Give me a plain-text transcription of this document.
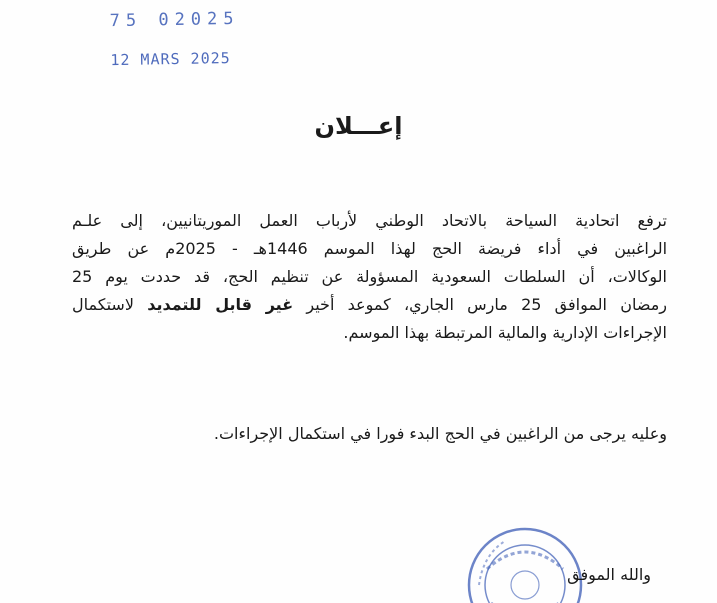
75 02025
12 MARS 2025
إعـــلان
ترفع اتحادية السياحة بالاتحاد الوطني لأرباب العمل الموريتانيين، إلى علـم
الراغبين في أداء فريضة الحج لهذا الموسم 1446هـ - 2025م عن طريق
الوكالات، أن السلطات السعودية المسؤولة عن تنظيم الحج، قد حددت يوم 25
رمضان الموافق 25 مارس الجاري، كموعد أخير غير قابل للتمديد لاستكمال
الإجراءات الإدارية والمالية المرتبطة بهذا الموسم.
وعليه يرجى من الراغبين في الحج البدء فورا في استكمال الإجراءات.
والله الموفق
